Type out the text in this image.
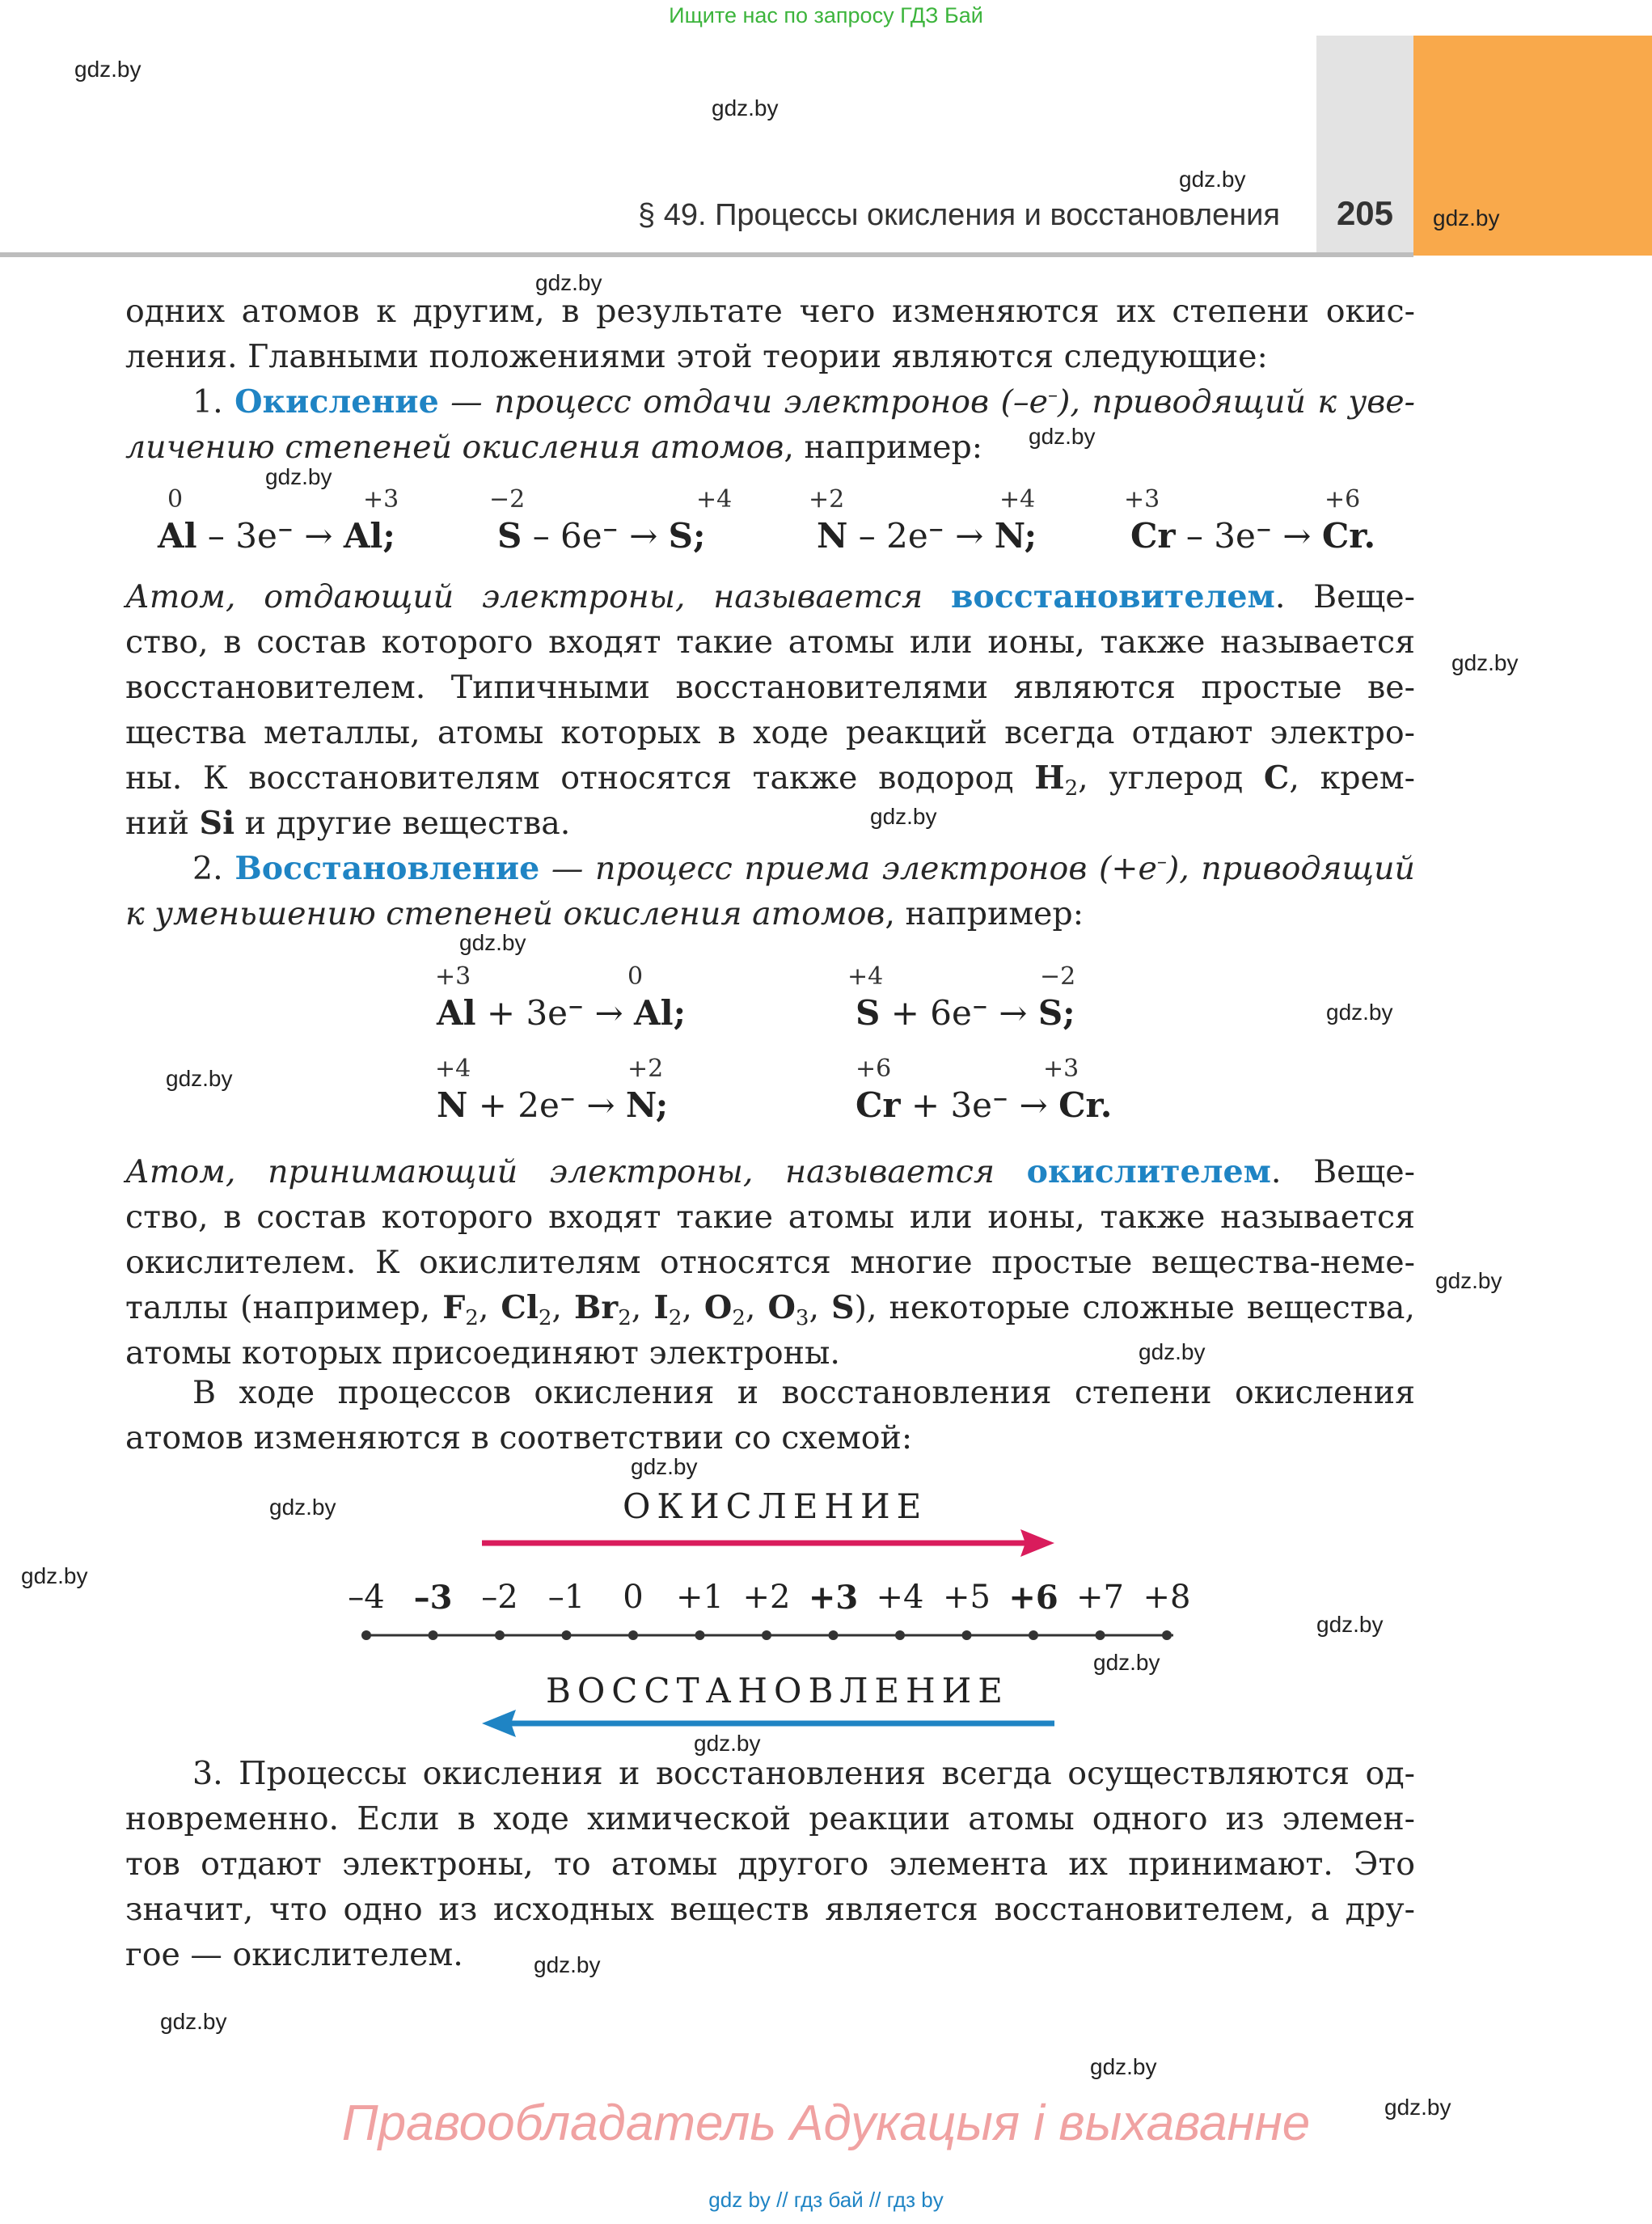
Ищите нас по запросу ГДЗ Бай
205
§ 49. Процессы окисления и восстановления
gdz.by
gdz.by
gdz.by
gdz.by
gdz.by
gdz.by
gdz.by
gdz.by
gdz.by
gdz.by
gdz.by
gdz.by
gdz.by
gdz.by
gdz.by
gdz.by
gdz.by
gdz.by
gdz.by
gdz.by
gdz.by
gdz.by
gdz.by
gdz.by
одних атомов к другим, в результате чего изменяются их степени окис-
ления. Главными положениями этой теории являются следующие:
1. Окисление — процесс отдачи электронов (–e–), приводящий к уве-
личению степеней окисления атомов, например:
Al – 3e− → Al;
0	+3
S – 6e− → S;
−2	+4
N – 2e− → N;
+2	+4
Cr – 3e− → Cr.
+3	+6
Атом, отдающий электроны, называется восстановителем. Веще-
ство, в состав которого входят такие атомы или ионы, также называется
восстановителем. Типичными восстановителями являются простые ве-
щества металлы, атомы которых в ходе реакций всегда отдают электро-
ны. К восстановителям относятся также водород $H_2$, углерод C, крем-
ний Si и другие вещества.
2. Восстановление — процесс приема электронов (+e–), приводящий
к уменьшению степеней окисления атомов, например:
Al + 3e− → Al;
+3	0
S + 6e− → S;
+4	−2
N + 2e− → N;
+4	+2
Cr + 3e− → Cr.
+6	+3
Атом, принимающий электроны, называется окислителем. Веще-
ство, в состав которого входят такие атомы или ионы, также называется
окислителем. К окислителям относятся многие простые вещества-неме-
таллы (например, $F_2$, $Cl_2$, $Br_2$, $I_2$, $O_2$, $O_3$, S), некоторые сложные вещества,
атомы которых присоединяют электроны.
В ходе процессов окисления и восстановления степени окисления
атомов изменяются в соответствии со схемой:
ОКИСЛЕНИЕ
–4 –3 –2 –1 0 +1 +2 +3 +4 +5 +6 +7 +8
ВОССТАНОВЛЕНИЕ
3. Процессы окисления и восстановления всегда осуществляются од-
новременно. Если в ходе химической реакции атомы одного из элемен-
тов отдают электроны, то атомы другого элемента их принимают. Это
значит, что одно из исходных веществ является восстановителем, а дру-
гое — окислителем.
Правообладатель Адукацыя і выхаванне
gdz by // гдз бай // гдз by
